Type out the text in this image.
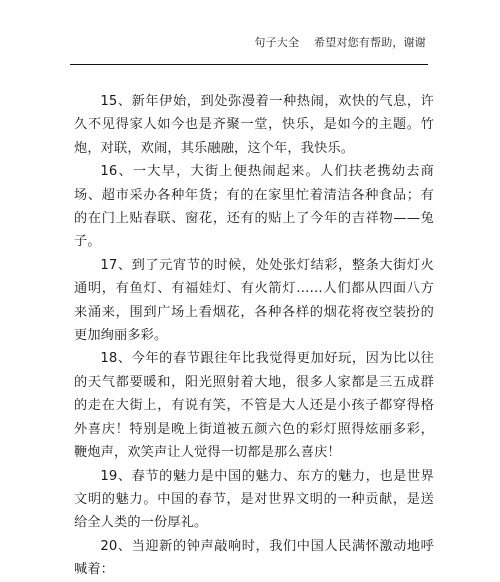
句子大全    希望对您有帮助，谢谢

15、新年伊始，到处弥漫着一种热闹，欢快的气息，许久不见得家人如今也是齐聚一堂，快乐，是如今的主题。竹炮，对联，欢闹，其乐融融，这个年，我快乐。

16、一大早，大街上便热闹起来。人们扶老携幼去商场、超市采办各种年货；有的在家里忙着清洁各种食品；有的在门上贴春联、窗花，还有的贴上了今年的吉祥物——兔子。

17、到了元宵节的时候，处处张灯结彩，整条大街灯火通明，有鱼灯、有福娃灯、有火箭灯……人们都从四面八方来涌来，围到广场上看烟花，各种各样的烟花将夜空装扮的更加绚丽多彩。

18、今年的春节跟往年比我觉得更加好玩，因为比以往的天气都要暖和，阳光照射着大地，很多人家都是三五成群的走在大街上，有说有笑，不管是大人还是小孩子都穿得格外喜庆！特别是晚上街道被五颜六色的彩灯照得炫丽多彩，鞭炮声，欢笑声让人觉得一切都是那么喜庆！

19、春节的魅力是中国的魅力、东方的魅力，也是世界文明的魅力。中国的春节，是对世界文明的一种贡献，是送给全人类的一份厚礼。

20、当迎新的钟声敲响时，我们中国人民满怀激动地呼喊着：
